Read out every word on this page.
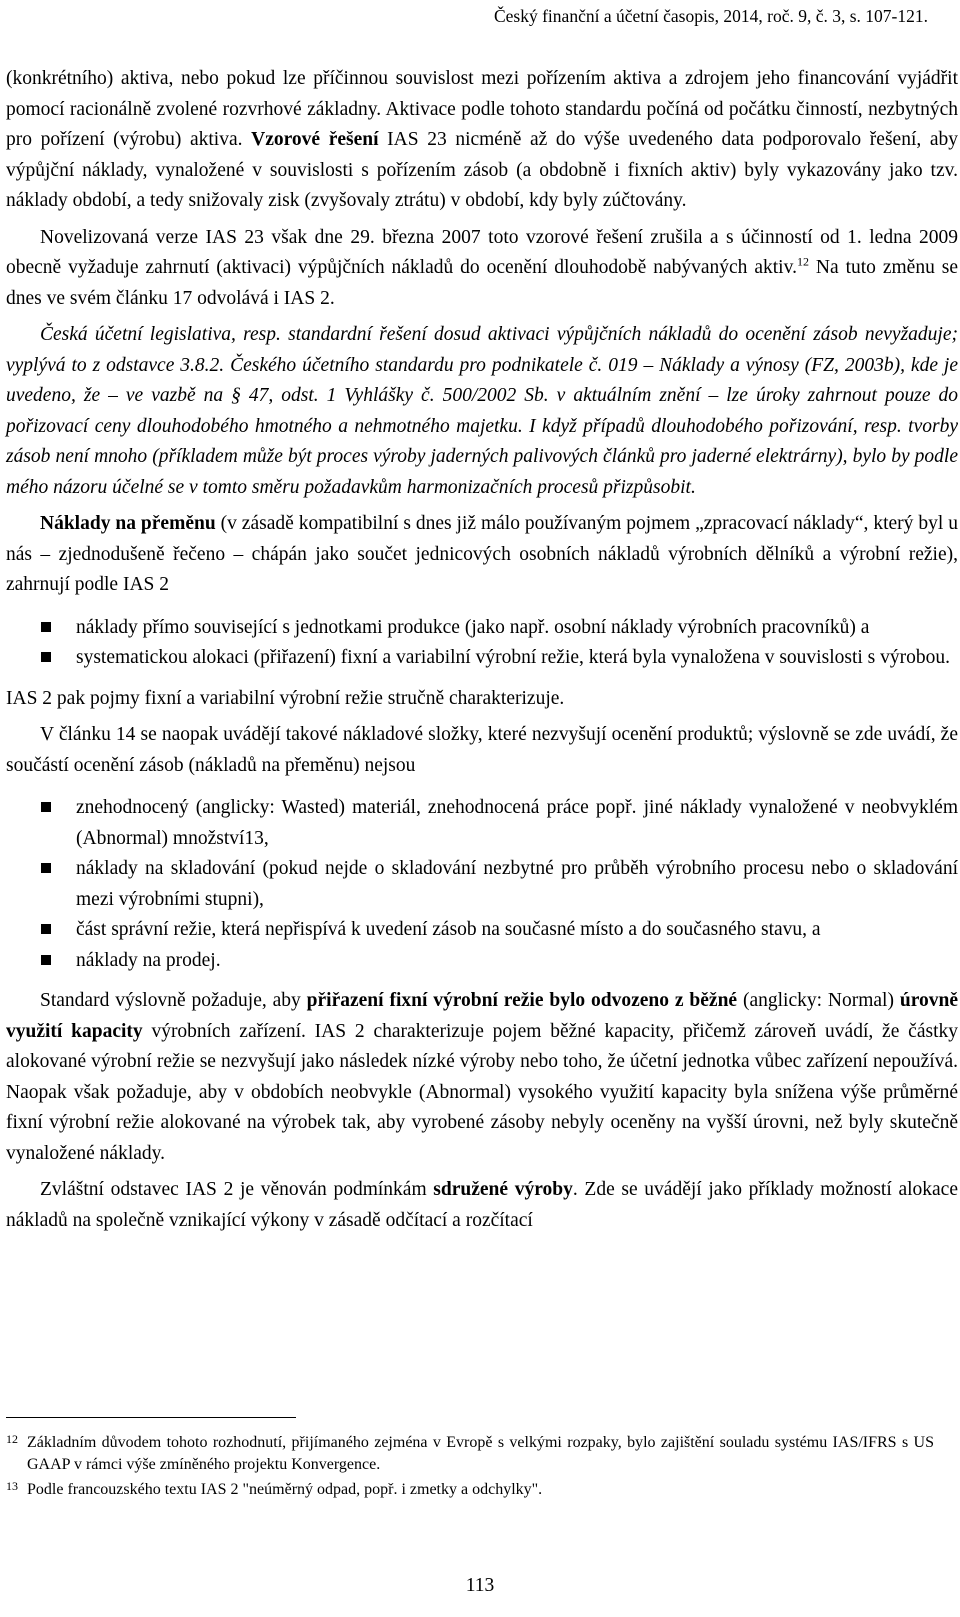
Český finanční a účetní časopis, 2014, roč. 9, č. 3, s. 107-121.

(konkrétního) aktiva, nebo pokud lze příčinnou souvislost mezi pořízením aktiva a zdrojem jeho financování vyjádřit pomocí racionálně zvolené rozvrhové základny. Aktivace podle tohoto standardu počíná od počátku činností, nezbytných pro pořízení (výrobu) aktiva. Vzorové řešení IAS 23 nicméně až do výše uvedeného data podporovalo řešení, aby výpůjční náklady, vynaložené v souvislosti s pořízením zásob (a obdobně i fixních aktiv) byly vykazovány jako tzv. náklady období, a tedy snižovaly zisk (zvyšovaly ztrátu) v období, kdy byly zúčtovány.

Novelizovaná verze IAS 23 však dne 29. března 2007 toto vzorové řešení zrušila a s účinností od 1. ledna 2009 obecně vyžaduje zahrnutí (aktivaci) výpůjčních nákladů do ocenění dlouhodobě nabývaných aktiv.$^{12}$ Na tuto změnu se dnes ve svém článku 17 odvolává i IAS 2.

Česká účetní legislativa, resp. standardní řešení dosud aktivaci výpůjčních nákladů do ocenění zásob nevyžaduje; vyplývá to z odstavce 3.8.2. Českého účetního standardu pro podnikatele č. 019 – Náklady a výnosy (FZ, 2003b), kde je uvedeno, že – ve vazbě na § 47, odst. 1 Vyhlášky č. 500/2002 Sb. v aktuálním znění – lze úroky zahrnout pouze do pořizovací ceny dlouhodobého hmotného a nehmotného majetku. I když případů dlouhodobého pořizování, resp. tvorby zásob není mnoho (příkladem může být proces výroby jaderných palivových článků pro jaderné elektrárny), bylo by podle mého názoru účelné se v tomto směru požadavkům harmonizačních procesů přizpůsobit.

Náklady na přeměnu (v zásadě kompatibilní s dnes již málo používaným pojmem „zpracovací náklady“, který byl u nás – zjednodušeně řečeno – chápán jako součet jednicových osobních nákladů výrobních dělníků a výrobní režie), zahrnují podle IAS 2

náklady přímo související s jednotkami produkce (jako např. osobní náklady výrobních pracovníků) a
systematickou alokaci (přiřazení) fixní a variabilní výrobní režie, která byla vynaložena v souvislosti s výrobou.

IAS 2 pak pojmy fixní a variabilní výrobní režie stručně charakterizuje.

V článku 14 se naopak uvádějí takové nákladové složky, které nezvyšují ocenění produktů; výslovně se zde uvádí, že součástí ocenění zásob (nákladů na přeměnu) nejsou

znehodnocený (anglicky: Wasted) materiál, znehodnocená práce popř. jiné náklady vynaložené v neobvyklém (Abnormal) množství13,
náklady na skladování (pokud nejde o skladování nezbytné pro průběh výrobního procesu nebo o skladování mezi výrobními stupni),
část správní režie, která nepřispívá k uvedení zásob na současné místo a do současného stavu, a
náklady na prodej.

Standard výslovně požaduje, aby přiřazení fixní výrobní režie bylo odvozeno z běžné (anglicky: Normal) úrovně využití kapacity výrobních zařízení. IAS 2 charakterizuje pojem běžné kapacity, přičemž zároveň uvádí, že částky alokované výrobní režie se nezvyšují jako následek nízké výroby nebo toho, že účetní jednotka vůbec zařízení nepoužívá. Naopak však požaduje, aby v obdobích neobvykle (Abnormal) vysokého využití kapacity byla snížena výše průměrné fixní výrobní režie alokované na výrobek tak, aby vyrobené zásoby nebyly oceněny na vyšší úrovni, než byly skutečně vynaložené náklady.

Zvláštní odstavec IAS 2 je věnován podmínkám sdružené výroby. Zde se uvádějí jako příklady možností alokace nákladů na společně vznikající výkony v zásadě odčítací a rozčítací

12 Základním důvodem tohoto rozhodnutí, přijímaného zejména v Evropě s velkými rozpaky, bylo zajištění souladu systému IAS/IFRS s US GAAP v rámci výše zmíněného projektu Konvergence.

13 Podle francouzského textu IAS 2 "neúměrný odpad, popř. i zmetky a odchylky".

113
